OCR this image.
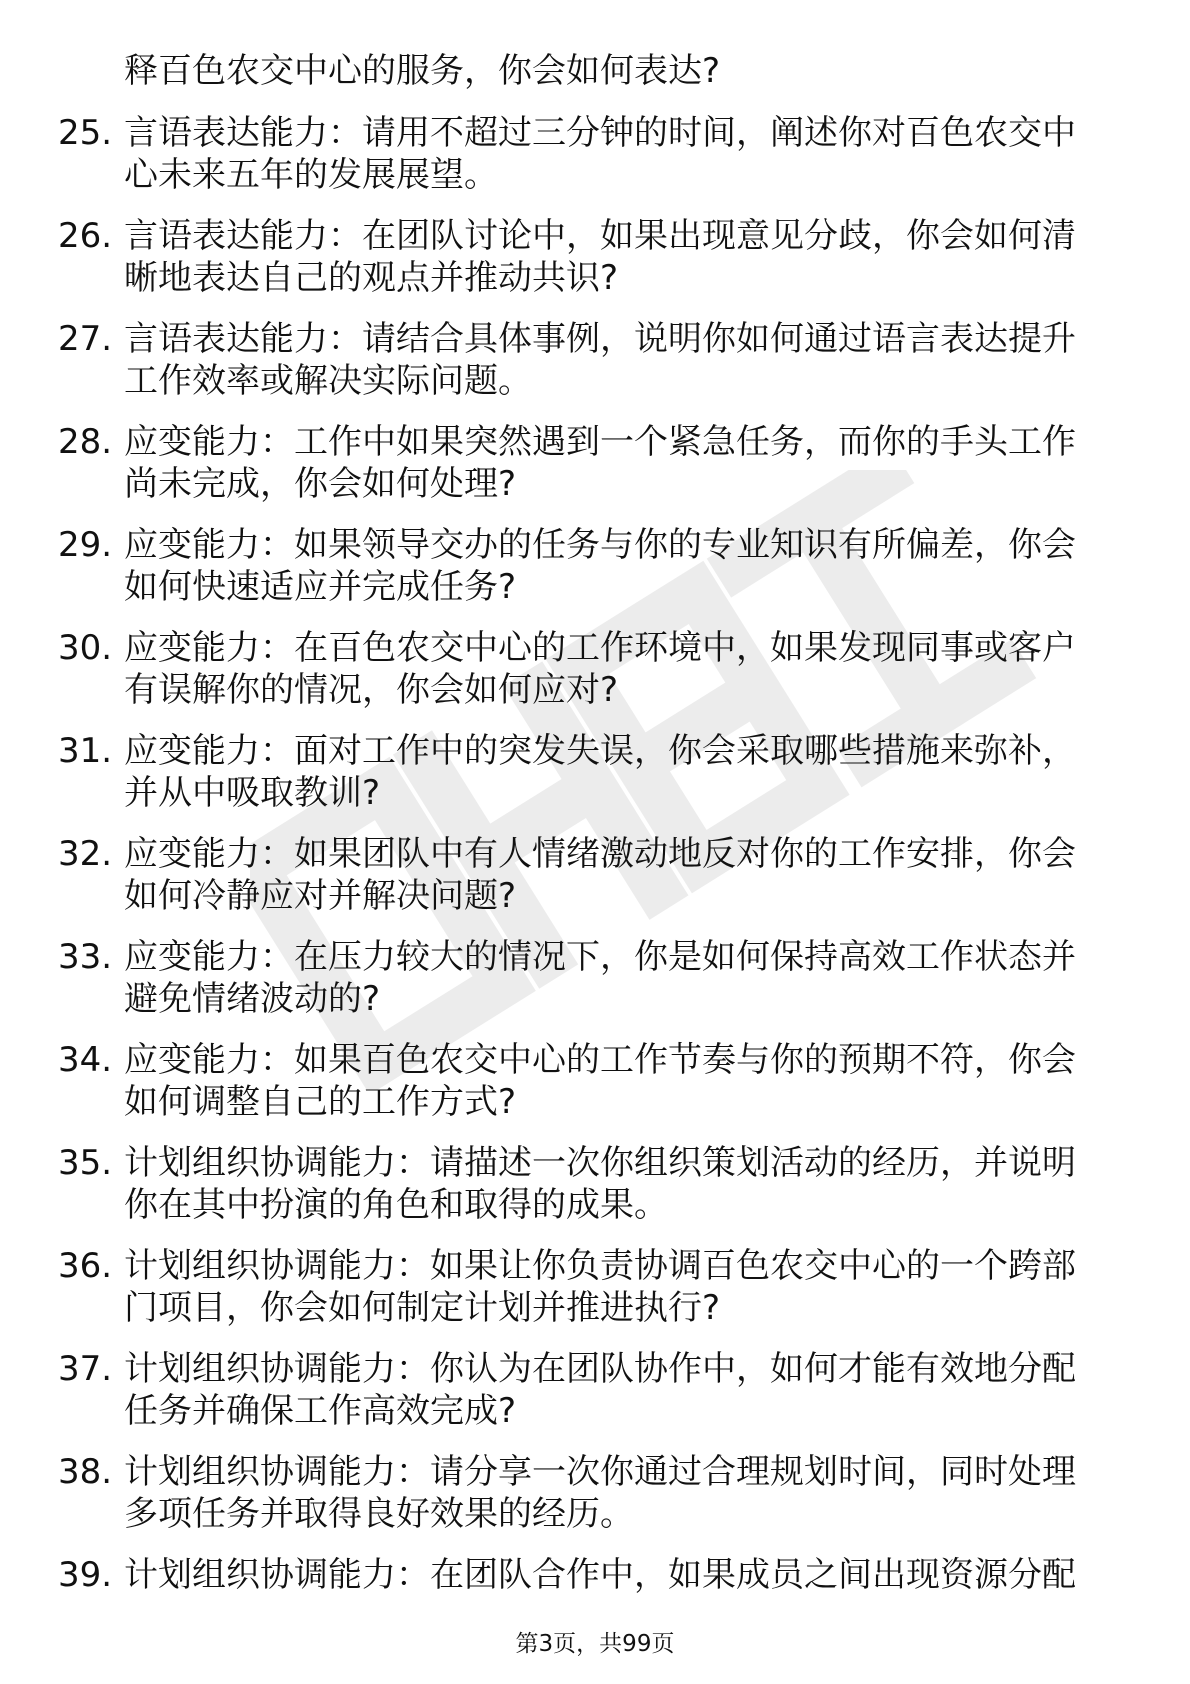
释百色农交中心的服务，你会如何表达?
25. 言语表达能力：请用不超过三分钟的时间，阐述你对百色农交中
心未来五年的发展展望。
26. 言语表达能力：在团队讨论中，如果出现意见分歧，你会如何清
晰地表达自己的观点并推动共识?
27. 言语表达能力：请结合具体事例，说明你如何通过语言表达提升
工作效率或解决实际问题。
28. 应变能力：工作中如果突然遇到一个紧急任务，而你的手头工作
尚未完成，你会如何处理?
29. 应变能力：如果领导交办的任务与你的专业知识有所偏差，你会
如何快速适应并完成任务?
30. 应变能力：在百色农交中心的工作环境中，如果发现同事或客户
有误解你的情况，你会如何应对?
31. 应变能力：面对工作中的突发失误，你会采取哪些措施来弥补，
并从中吸取教训?
32. 应变能力：如果团队中有人情绪激动地反对你的工作安排，你会
如何冷静应对并解决问题?
33. 应变能力：在压力较大的情况下，你是如何保持高效工作状态并
避免情绪波动的?
34. 应变能力：如果百色农交中心的工作节奏与你的预期不符，你会
如何调整自己的工作方式?
35. 计划组织协调能力：请描述一次你组织策划活动的经历，并说明
你在其中扮演的角色和取得的成果。
36. 计划组织协调能力：如果让你负责协调百色农交中心的一个跨部
门项目，你会如何制定计划并推进执行?
37. 计划组织协调能力：你认为在团队协作中，如何才能有效地分配
任务并确保工作高效完成?
38. 计划组织协调能力：请分享一次你通过合理规划时间，同时处理
多项任务并取得良好效果的经历。
39. 计划组织协调能力：在团队合作中，如果成员之间出现资源分配
第3页，共99页
